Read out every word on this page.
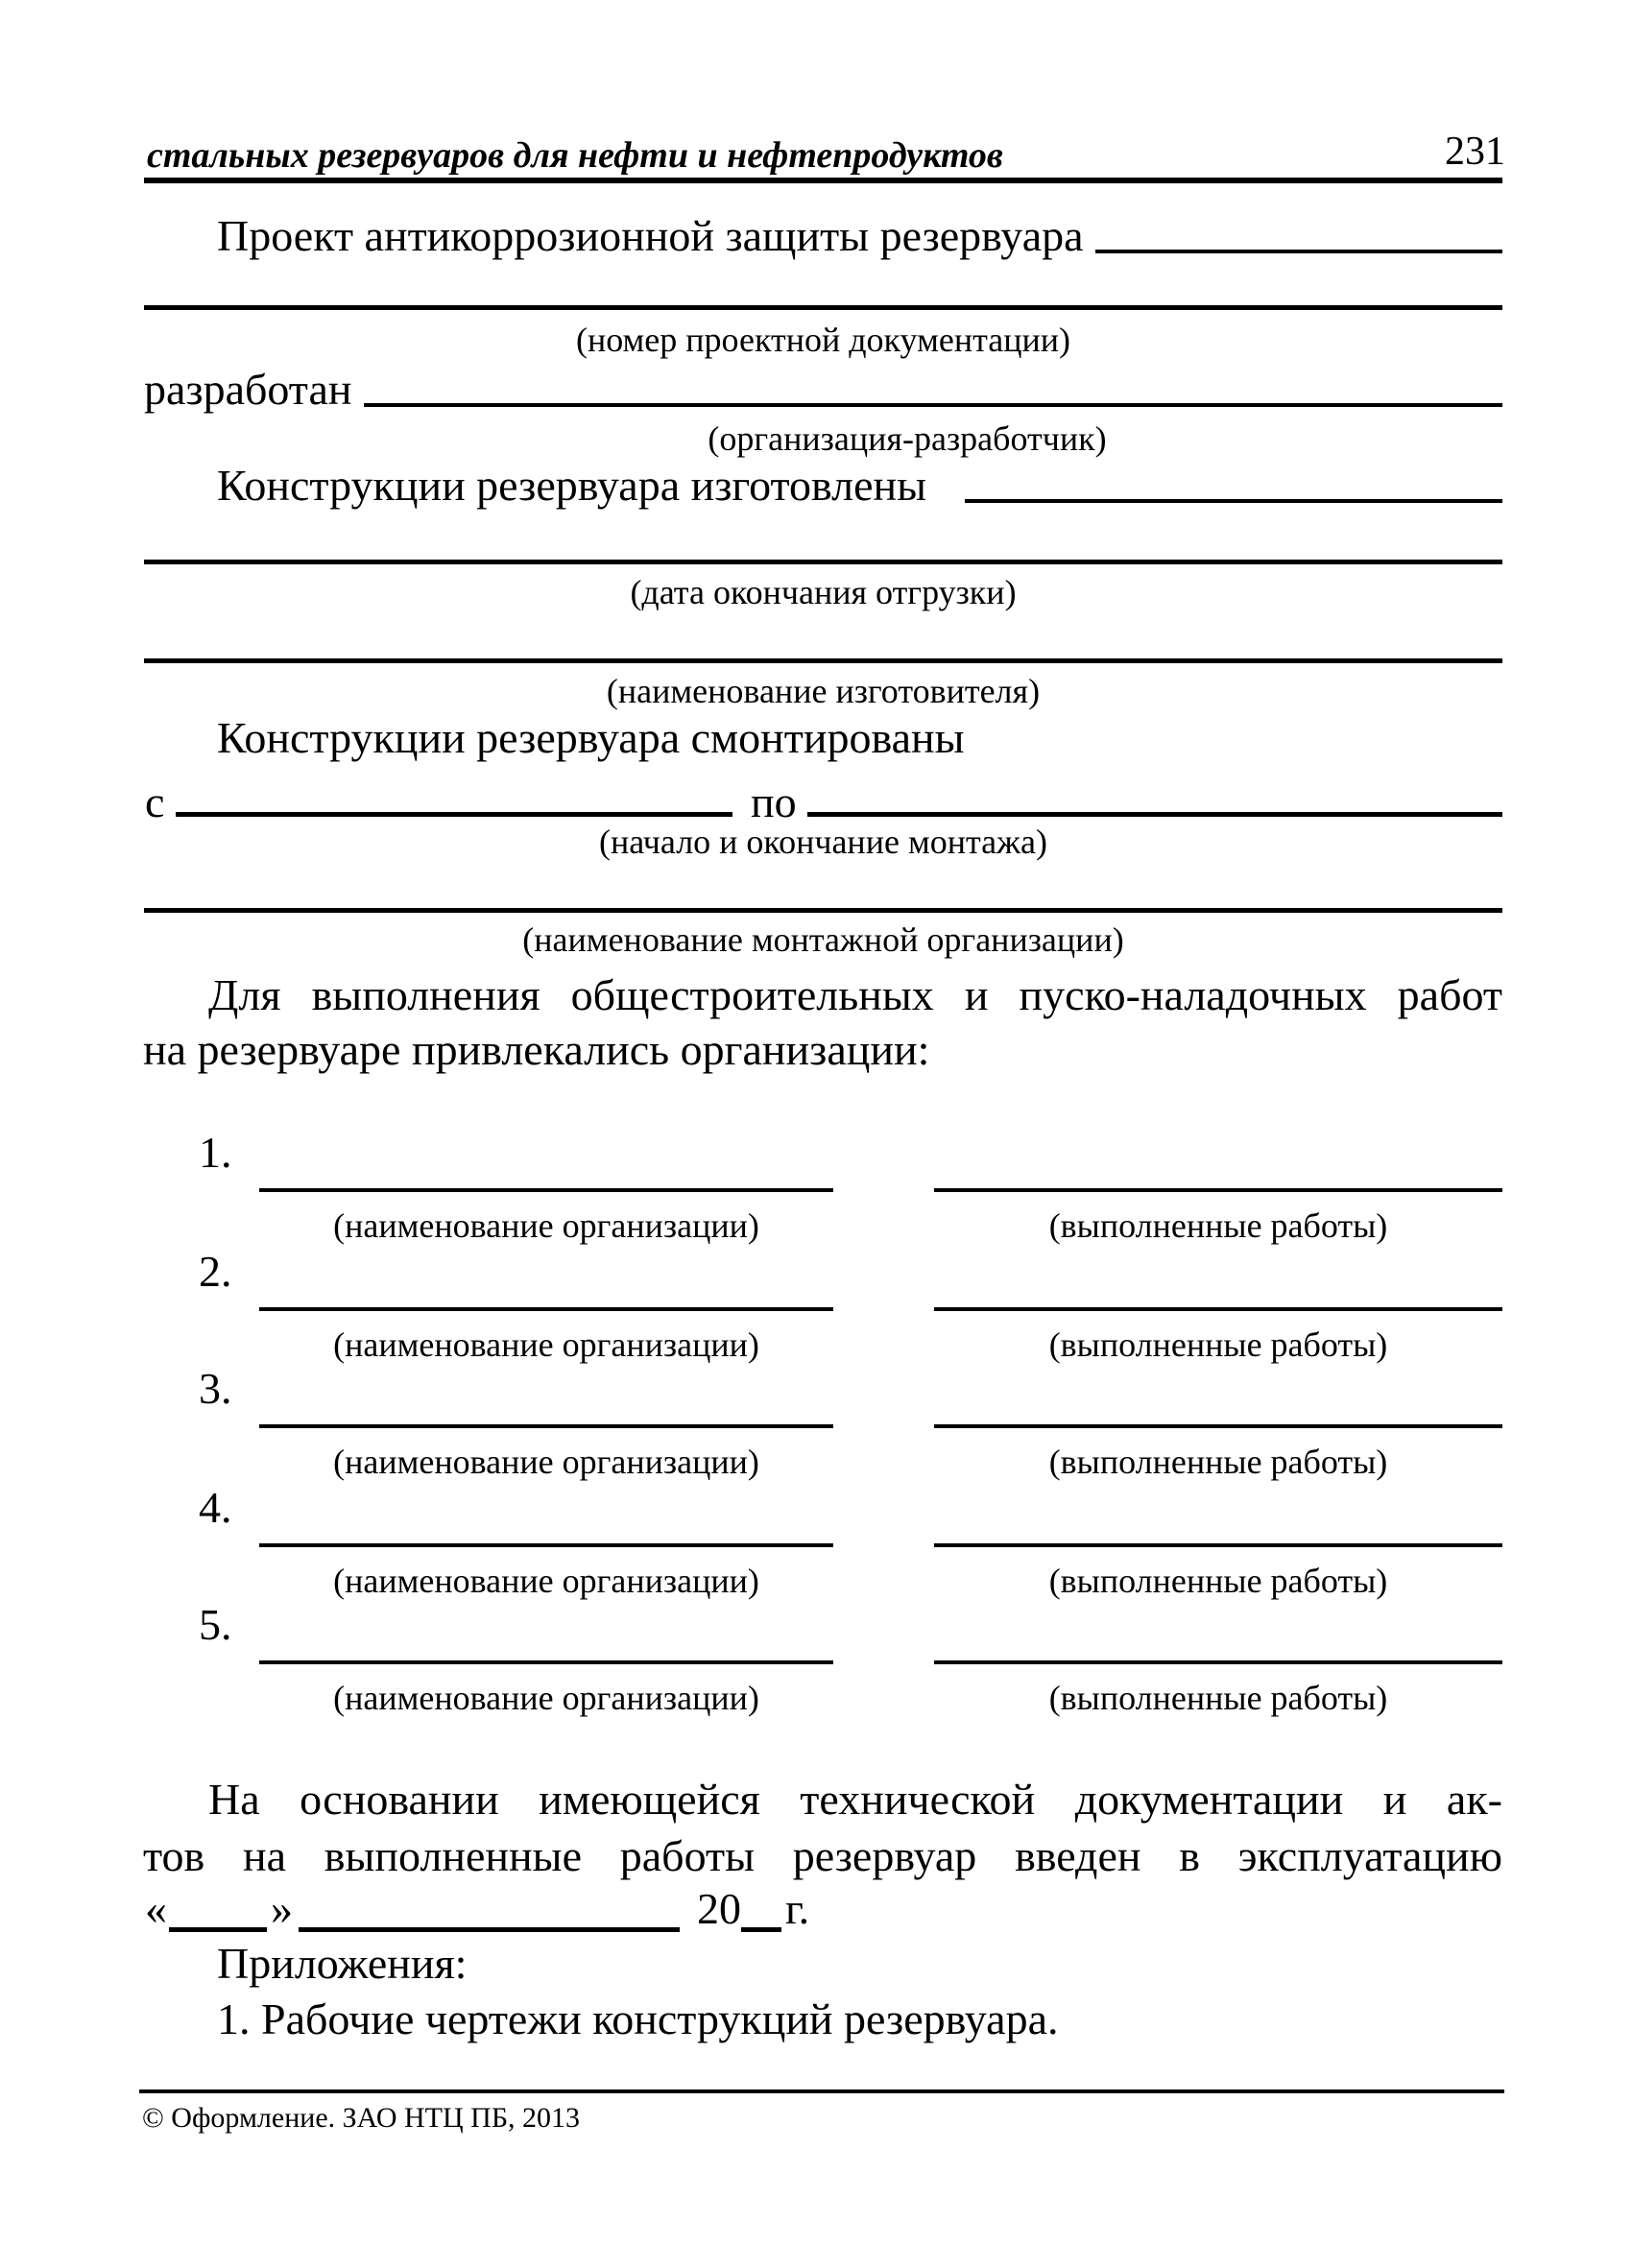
стальных резервуаров для нефти и нефтепродуктов	231
Проект антикоррозионной защиты резервуара
(номер проектной документации)
разработан
(организация-разработчик)
Конструкции резервуара изготовлены
(дата окончания отгрузки)
(наименование изготовителя)
Конструкции резервуара смонтированы
с	по
(начало и окончание монтажа)
(наименование монтажной организации)
Для выполнения общестроительных и пуско-наладочных работ
на резервуаре привлекались организации:
1.
(наименование организации)	(выполненные работы)
2.
(наименование организации)	(выполненные работы)
3.
(наименование организации)	(выполненные работы)
4.
(наименование организации)	(выполненные работы)
5.
(наименование организации)	(выполненные работы)
На основании имеющейся технической документации и ак-
тов на выполненные работы резервуар введен в эксплуатацию
« »	20 г.
Приложения:
1. Рабочие чертежи конструкций резервуара.
© Оформление. ЗАО НТЦ ПБ, 2013
